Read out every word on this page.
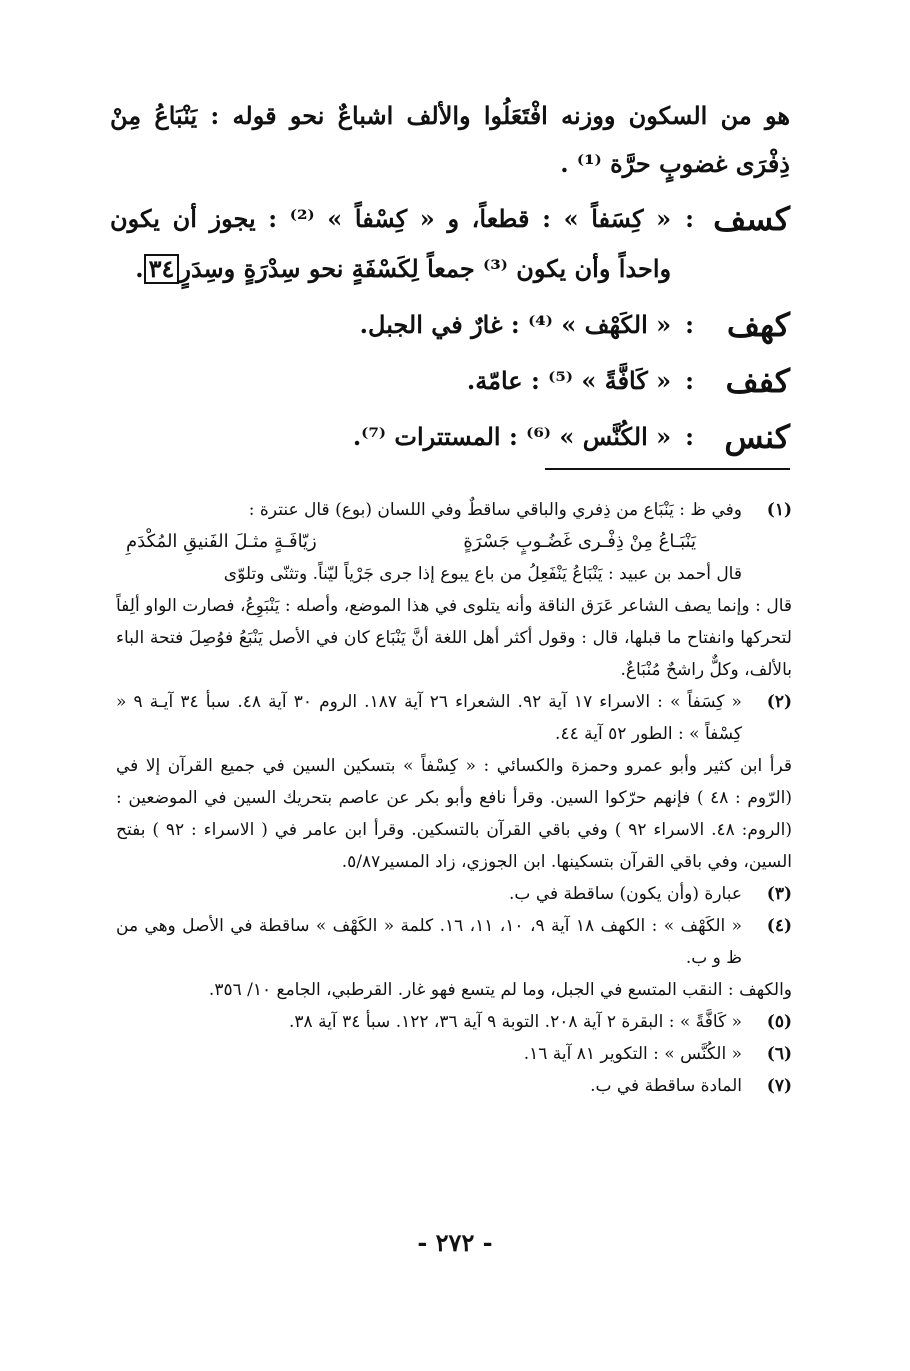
هو من السكون ووزنه افْتَعَلُوا والألف اشباعٌ نحو قوله : يَنْبَاعُ مِنْ ذِفْرَى غضوبٍ حرَّة ⁽¹⁾ .
كسف
:
« كِسَفاً » : قطعاً، و « كِسْفاً » ⁽²⁾ : يجوز أن يكون واحداً وأن يكون ⁽³⁾ جمعاً لِكَسْفَةٍ نحو سِدْرَةٍ وسِدَرٍ٣٤.
كهف
:
« الكَهْف » ⁽⁴⁾ : غارٌ في الجبل.
كفف
:
« كَافَّةً » ⁽⁵⁾ : عامّة.
كنس
:
« الكُنَّس » ⁽⁶⁾ : المستترات ⁽⁷⁾.
(١)
وفي ظ : يَنْبَاع من ذِفري والباقي ساقطٌ وفي اللسان (بوع) قال عنترة :
يَنْبَـاعُ مِنْ ذِفْـرى غَضُـوبٍ جَسْرَةٍ
زيّافَـةٍ مثـلَ الفَنيقِ المُكْدَمِ
قال أحمد بن عبيد : يَنْبَاعُ يَنْفَعِلُ من باع يبوع إذا جرى جَرْياً ليّناً. وتثنّى وتلوّى
قال : وإنما يصف الشاعر عَرَق الناقة وأنه يتلوى في هذا الموضع، وأصله : يَنْبَوِعُ، فصارت الواو ألِفاً لتحركها وانفتاح ما قبلها، قال : وقول أكثر أهل اللغة أنَّ يَنْبَاع كان في الأصل يَنْبَعُ فوُصِلَ فتحة الباء بالألف، وكلٌّ راشحٌ مُنْبَاعٌ.
(٢)
« كِسَفاً » : الاسراء ١٧ آية ٩٢. الشعراء ٢٦ آية ١٨٧. الروم ٣٠ آية ٤٨. سبأ ٣٤ آيـة ٩ « كِسْفاً » : الطور ٥٢ آية ٤٤.
قرأ ابن كثير وأبو عمرو وحمزة والكسائي : « كِسْفاً » بتسكين السين في جميع القرآن إلا في (الرّوم : ٤٨ ) فإنهم حرّكوا السين. وقرأ نافع وأبو بكر عن عاصم بتحريك السين في الموضعين : (الروم: ٤٨. الاسراء ٩٢ ) وفي باقي القرآن بالتسكين. وقرأ ابن عامر في ( الاسراء : ٩٢ ) بفتح السين، وفي باقي القرآن بتسكينها. ابن الجوزي، زاد المسير٥/٨٧.
(٣)
عبارة (وأن يكون) ساقطة في ب.
(٤)
« الكَهْف » : الكهف ١٨ آية ٩، ١٠، ١١، ١٦. كلمة « الكَهْف » ساقطة في الأصل وهي من ظ و ب.
والكهف : النقب المتسع في الجبل، وما لم يتسع فهو غار. القرطبي، الجامع ١٠/ ٣٥٦.
(٥)
« كَافَّةً » : البقرة ٢ آية ٢٠٨. التوبة ٩ آية ٣٦، ١٢٢. سبأ ٣٤ آية ٣٨.
(٦)
« الكُنَّس » : التكوير ٨١ آية ١٦.
(٧)
المادة ساقطة في ب.
- ٢٧٢ -
